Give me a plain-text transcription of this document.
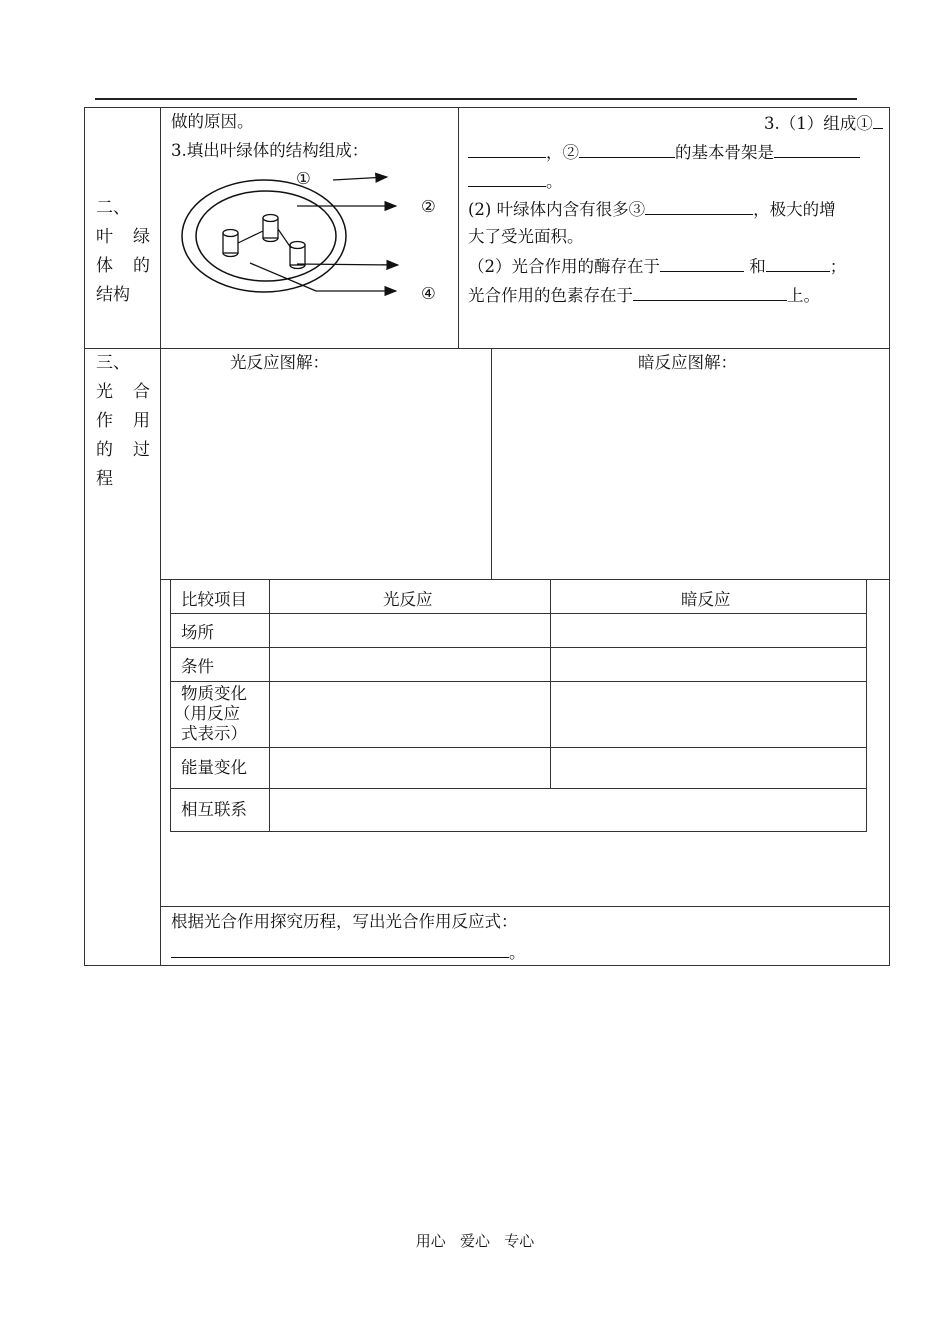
二、
叶 绿
体 的
结构
做的原因。
3.填出叶绿体的结构组成：
①
②
④
3.（1）组成①
，②	的基本骨架是
。
(2) 叶绿体内含有很多③	，极大的增
大了受光面积。
（2）光合作用的酶存在于	和	；
光合作用的色素存在于	上。
三、
光 合
作 用
的 过
程
光反应图解：	暗反应图解：
比较项目	光反应	暗反应
场所
条件
物质变化
（用反应
式表示）
能量变化
相互联系
根据光合作用探究历程，写出光合作用反应式：
。
用心   爱心   专心
